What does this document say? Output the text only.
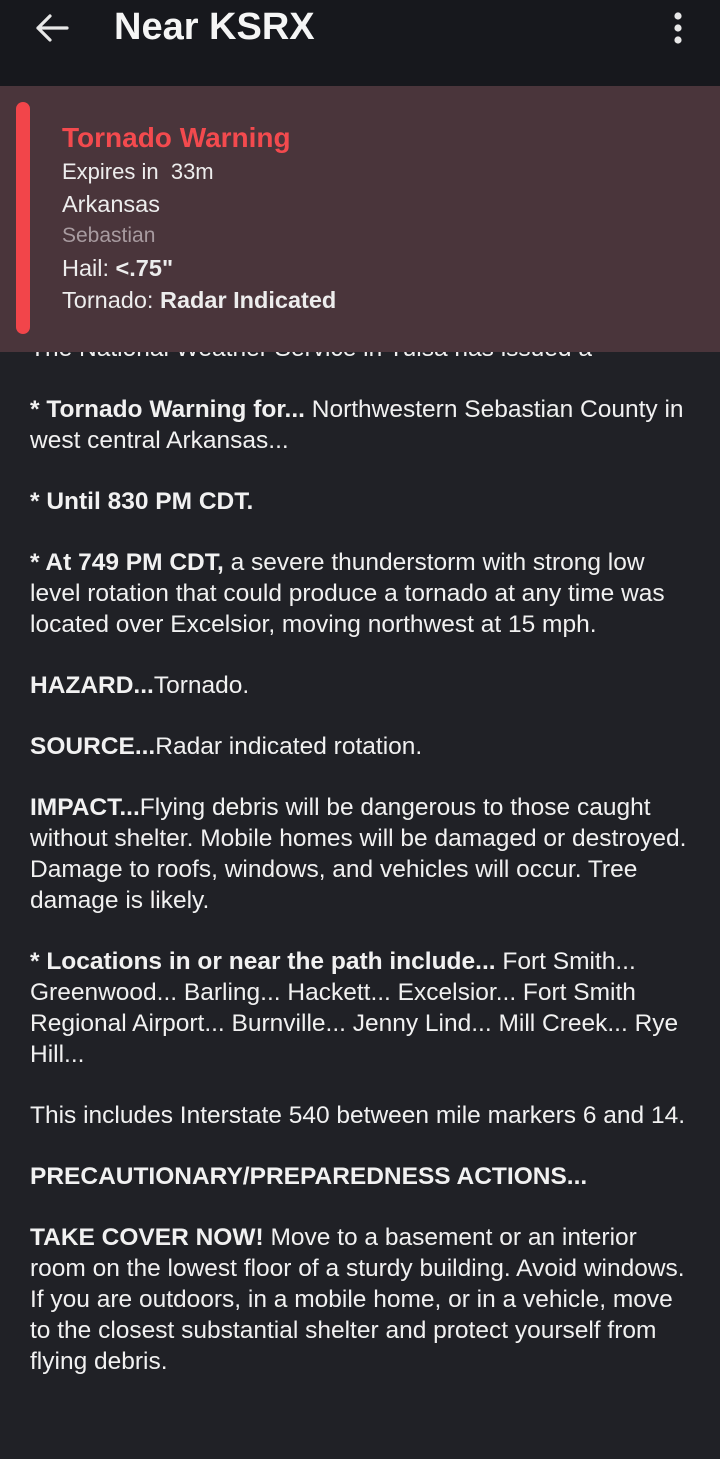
Near KSRX

* Tornado Warning for... Northwestern Sebastian County in west central Arkansas...

* Until 830 PM CDT.

* At 749 PM CDT, a severe thunderstorm with strong low level rotation that could produce a tornado at any time was located over Excelsior, moving northwest at 15 mph.

HAZARD...Tornado.

SOURCE...Radar indicated rotation.

IMPACT...Flying debris will be dangerous to those caught without shelter. Mobile homes will be damaged or destroyed. Damage to roofs, windows, and vehicles will occur. Tree damage is likely.

* Locations in or near the path include... Fort Smith... Greenwood... Barling... Hackett... Excelsior... Fort Smith Regional Airport... Burnville... Jenny Lind... Mill Creek... Rye Hill...

This includes Interstate 540 between mile markers 6 and 14.

PRECAUTIONARY/PREPAREDNESS ACTIONS...

TAKE COVER NOW! Move to a basement or an interior room on the lowest floor of a sturdy building. Avoid windows. If you are outdoors, in a mobile home, or in a vehicle, move to the closest substantial shelter and protect yourself from flying debris.

Tornado Warning
Expires in 33m
Arkansas
Sebastian
Hail: <.75"
Tornado: Radar Indicated
